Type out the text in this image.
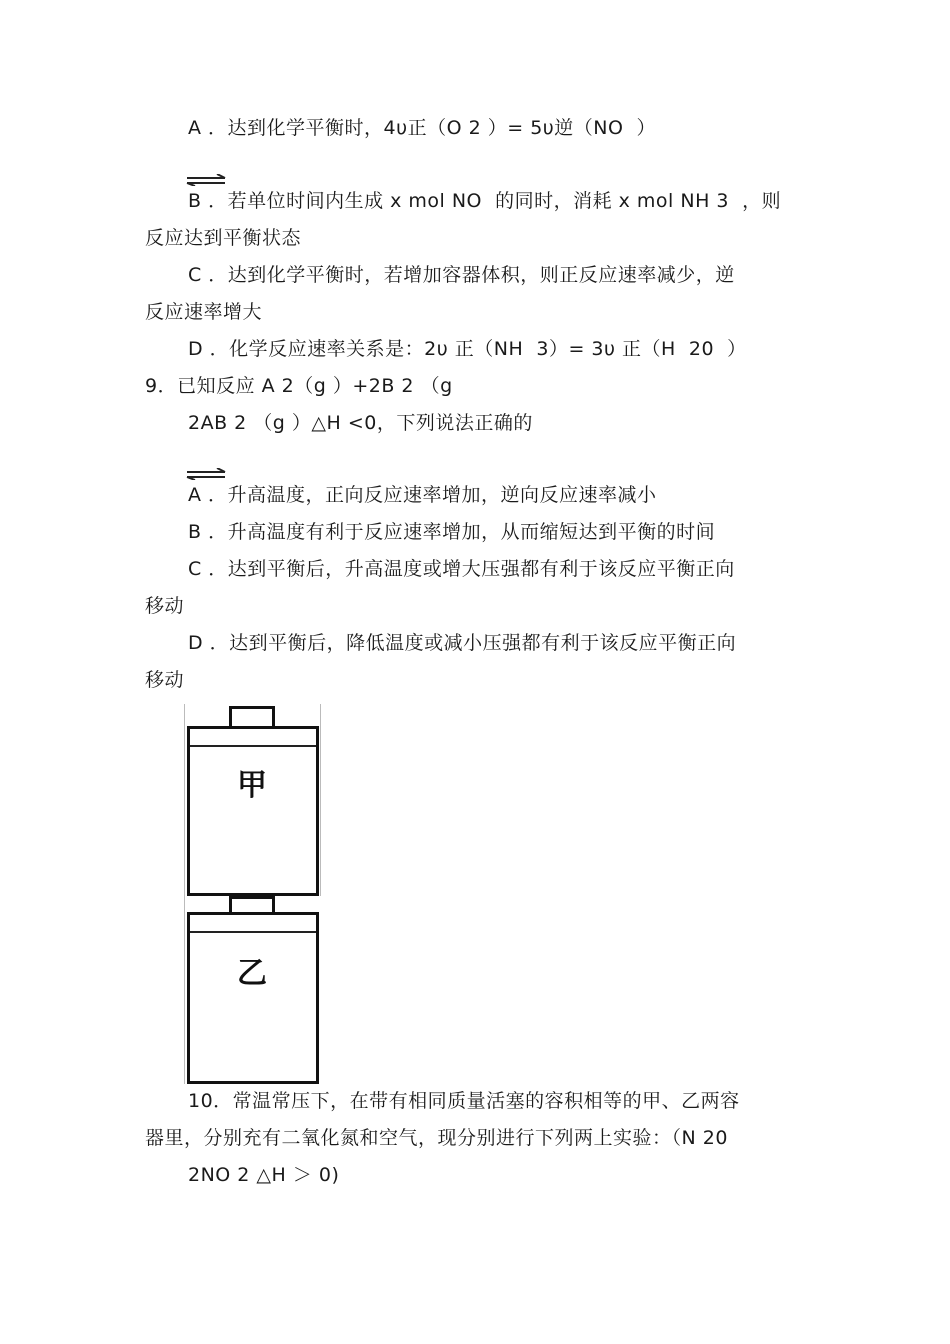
A ．达到化学平衡时，4υ正（O 2 ）= 5υ逆（NO  ）
B ．若单位时间内生成 x mol NO  的同时，消耗 x mol NH 3  ，则
反应达到平衡状态
C ．达到化学平衡时，若增加容器体积，则正反应速率减少，逆
反应速率增大
D ．化学反应速率关系是：2υ 正（NH  3）= 3υ 正（H  20  ）
9．已知反应 A 2（g ）+2B 2 （g
2AB 2 （g ）△H <0，下列说法正确的
A ．升高温度，正向反应速率增加，逆向反应速率减小
B ．升高温度有利于反应速率增加，从而缩短达到平衡的时间
C ．达到平衡后，升高温度或增大压强都有利于该反应平衡正向
移动
D ．达到平衡后，降低温度或减小压强都有利于该反应平衡正向
移动
甲
乙
10．常温常压下，在带有相同质量活塞的容积相等的甲、乙两容
器里，分别充有二氧化氮和空气，现分别进行下列两上实验：（N 20
2NO 2 △H ＞ 0)
